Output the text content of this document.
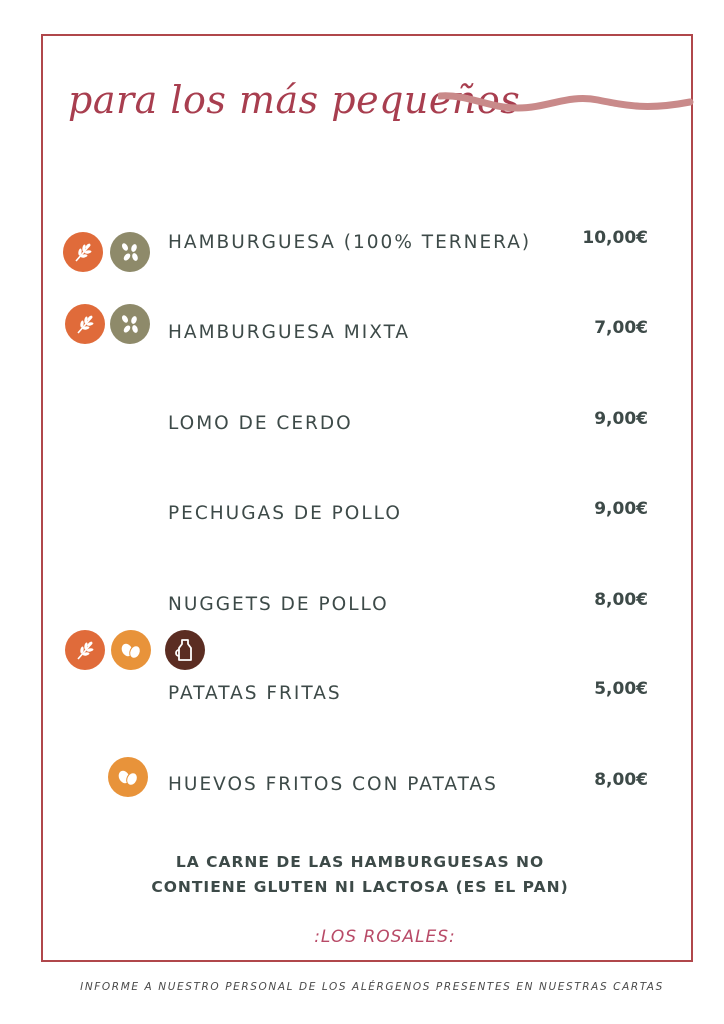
para los más pequeños
HAMBURGUESA (100% TERNERA)	10,00€
HAMBURGUESA MIXTA	7,00€
LOMO DE CERDO	9,00€
PECHUGAS DE POLLO	9,00€
NUGGETS DE POLLO	8,00€
PATATAS FRITAS	5,00€
HUEVOS FRITOS CON PATATAS	8,00€
LA CARNE DE LAS HAMBURGUESAS NO
CONTIENE GLUTEN NI LACTOSA (ES EL PAN)
:LOS ROSALES:
INFORME A NUESTRO PERSONAL DE LOS ALÉRGENOS PRESENTES EN NUESTRAS CARTAS
